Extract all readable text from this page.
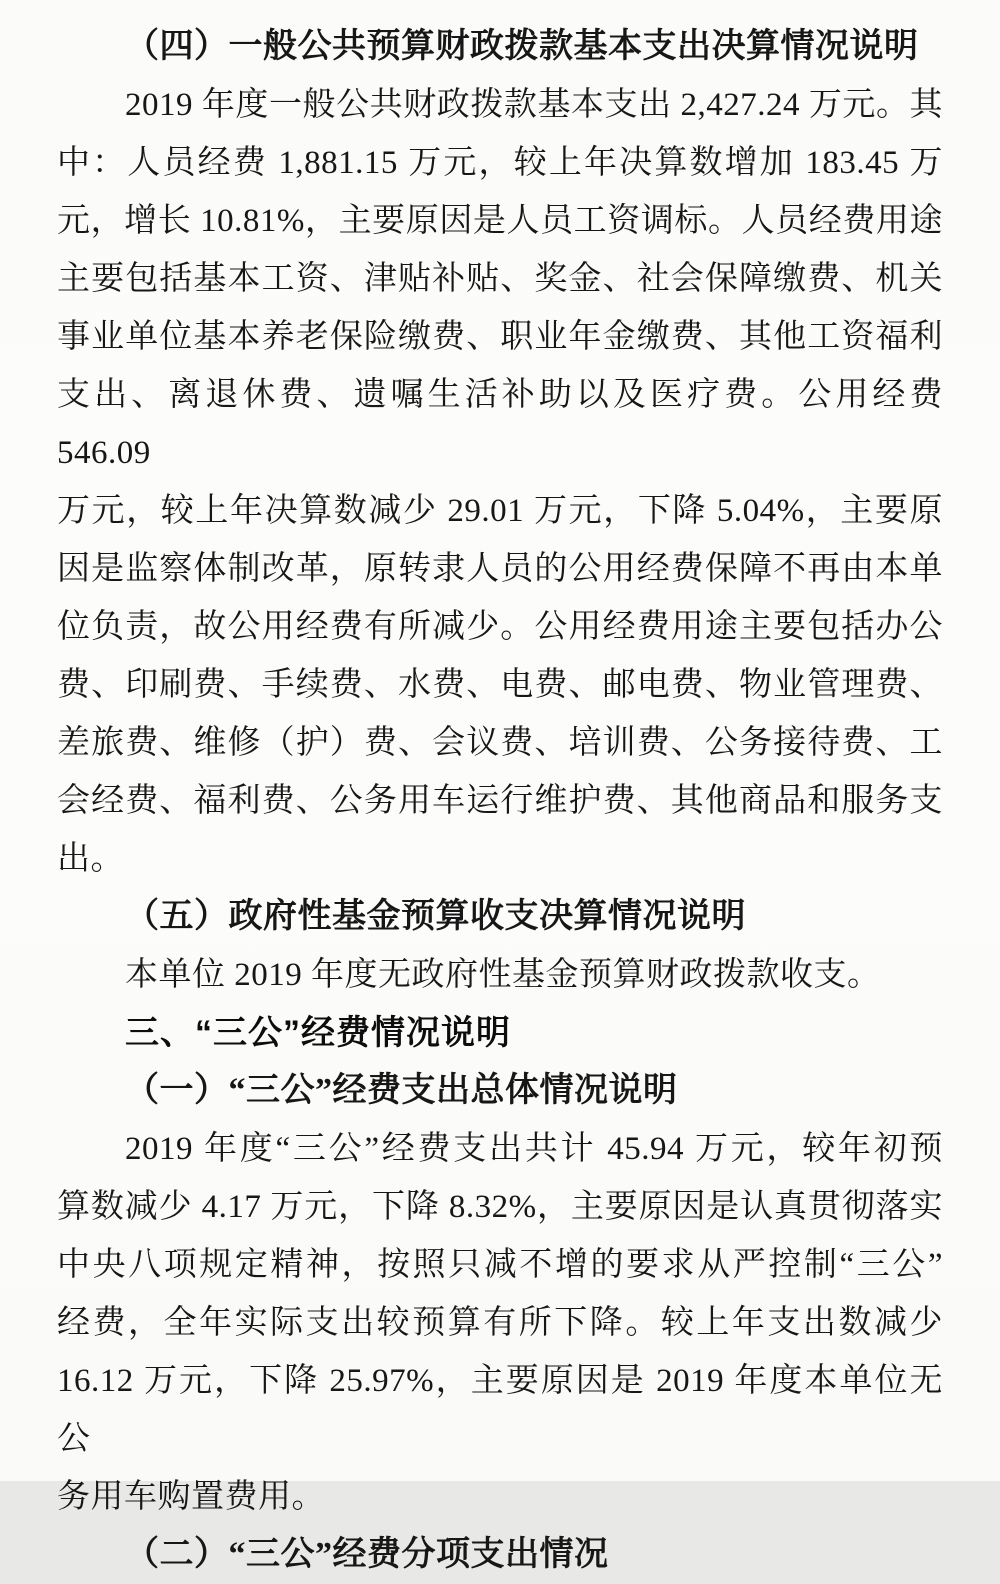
（四）一般公共预算财政拨款基本支出决算情况说明
2019 年度一般公共财政拨款基本支出 2,427.24 万元。其
中：人员经费 1,881.15 万元，较上年决算数增加 183.45 万
元，增长 10.81%，主要原因是人员工资调标。人员经费用途
主要包括基本工资、津贴补贴、奖金、社会保障缴费、机关
事业单位基本养老保险缴费、职业年金缴费、其他工资福利
支出、离退休费、遗嘱生活补助以及医疗费。公用经费 546.09
万元，较上年决算数减少 29.01 万元，下降 5.04%，主要原
因是监察体制改革，原转隶人员的公用经费保障不再由本单
位负责，故公用经费有所减少。公用经费用途主要包括办公
费、印刷费、手续费、水费、电费、邮电费、物业管理费、
差旅费、维修（护）费、会议费、培训费、公务接待费、工
会经费、福利费、公务用车运行维护费、其他商品和服务支
出。
（五）政府性基金预算收支决算情况说明
本单位 2019 年度无政府性基金预算财政拨款收支。
三、“三公”经费情况说明
（一）“三公”经费支出总体情况说明
2019 年度“三公”经费支出共计 45.94 万元，较年初预
算数减少 4.17 万元，下降 8.32%，主要原因是认真贯彻落实
中央八项规定精神，按照只减不增的要求从严控制“三公”
经费，全年实际支出较预算有所下降。较上年支出数减少
16.12 万元，下降 25.97%，主要原因是 2019 年度本单位无公
务用车购置费用。
（二）“三公”经费分项支出情况
